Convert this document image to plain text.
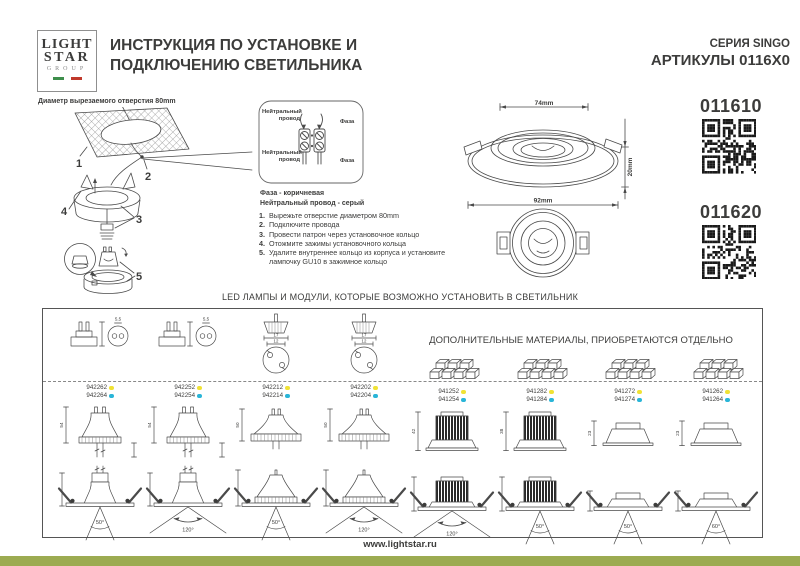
LIGHT
STAR
GROUP
ИНСТРУКЦИЯ ПО УСТАНОВКЕ И
ПОДКЛЮЧЕНИЮ СВЕТИЛЬНИКА
СЕРИЯ SINGO
АРТИКУЛЫ 0116X0
Диаметр вырезаемого отверстия 80mm
1
2
3
4
5
Нейтральный провод
Фаза
Нейтральный провод	Фаза
Фаза - коричневая
Нейтральный провод - серый
1. Вырежьте отверстие диаметром 80mm
2. Подключите провода
3. Провести патрон через установочное кольцо
4. Отожмите зажимы установочного кольца
5. Удалите внутреннее кольцо из корпуса и установите лампочку GU10 в зажимное кольцо
74mm
20mm
92mm
011610
011620
LED ЛАМПЫ И МОДУЛИ, КОТОРЫЕ ВОЗМОЖНО УСТАНОВИТЬ В СВЕТИЛЬНИК
ДОПОЛНИТЕЛЬНЫЕ МАТЕРИАЛЫ, ПРИОБРЕТАЮТСЯ ОТДЕЛЬНО
5,5
942262
942264
54
50°
5,5
942252
942254
54
120°
17
12
942212
942214
50
50°
17
12
942202
942204
50
120°
941252
941254
42
120°
941282
941284
38
50°
941272
941274
23
50°
941262
941264
23
60°
www.lightstar.ru
